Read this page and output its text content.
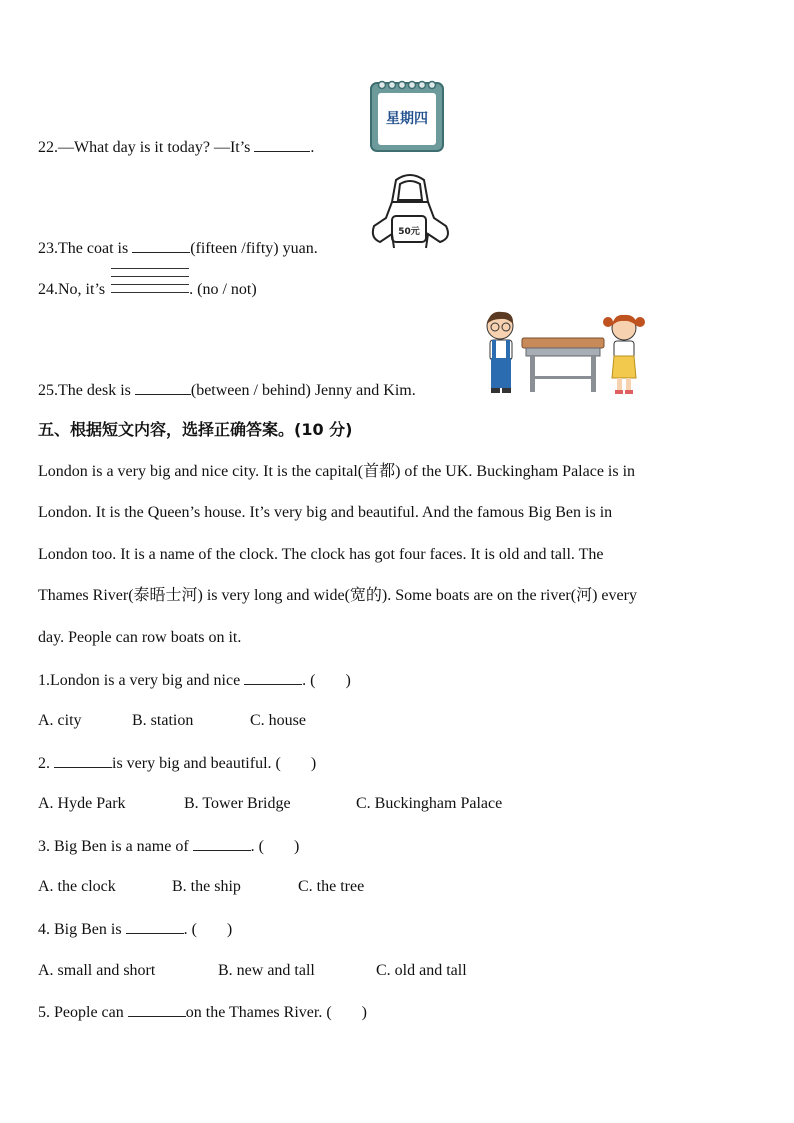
22.—What day is it today? —It’s	.
星期四
23.The coat is	(fifteen /fifty) yuan.
50元
24.No, it’s	. (no / not)
25.The desk is	(between / behind) Jenny and Kim.
五、根据短文内容，选择正确答案。(10 分)
London is a very big and nice city. It is the capital(首都) of the UK. Buckingham Palace is in
London. It is the Queen’s house. It’s very big and beautiful. And the famous Big Ben is in
London too. It is a name of the clock. The clock has got four faces. It is old and tall. The
Thames River(泰晤士河) is very long and wide(宽的). Some boats are on the river(河) every
day. People can row boats on it.
1.London is a very big and nice	. ( )
A. city	B. station	C. house
2.	is very big and beautiful. ( )
A. Hyde Park	B. Tower Bridge	C. Buckingham Palace
3. Big Ben is a name of	. ( )
A. the clock	B. the ship	C. the tree
4. Big Ben is	. ( )
A. small and short	B. new and tall	C. old and tall
5. People can	on the Thames River. ( )
